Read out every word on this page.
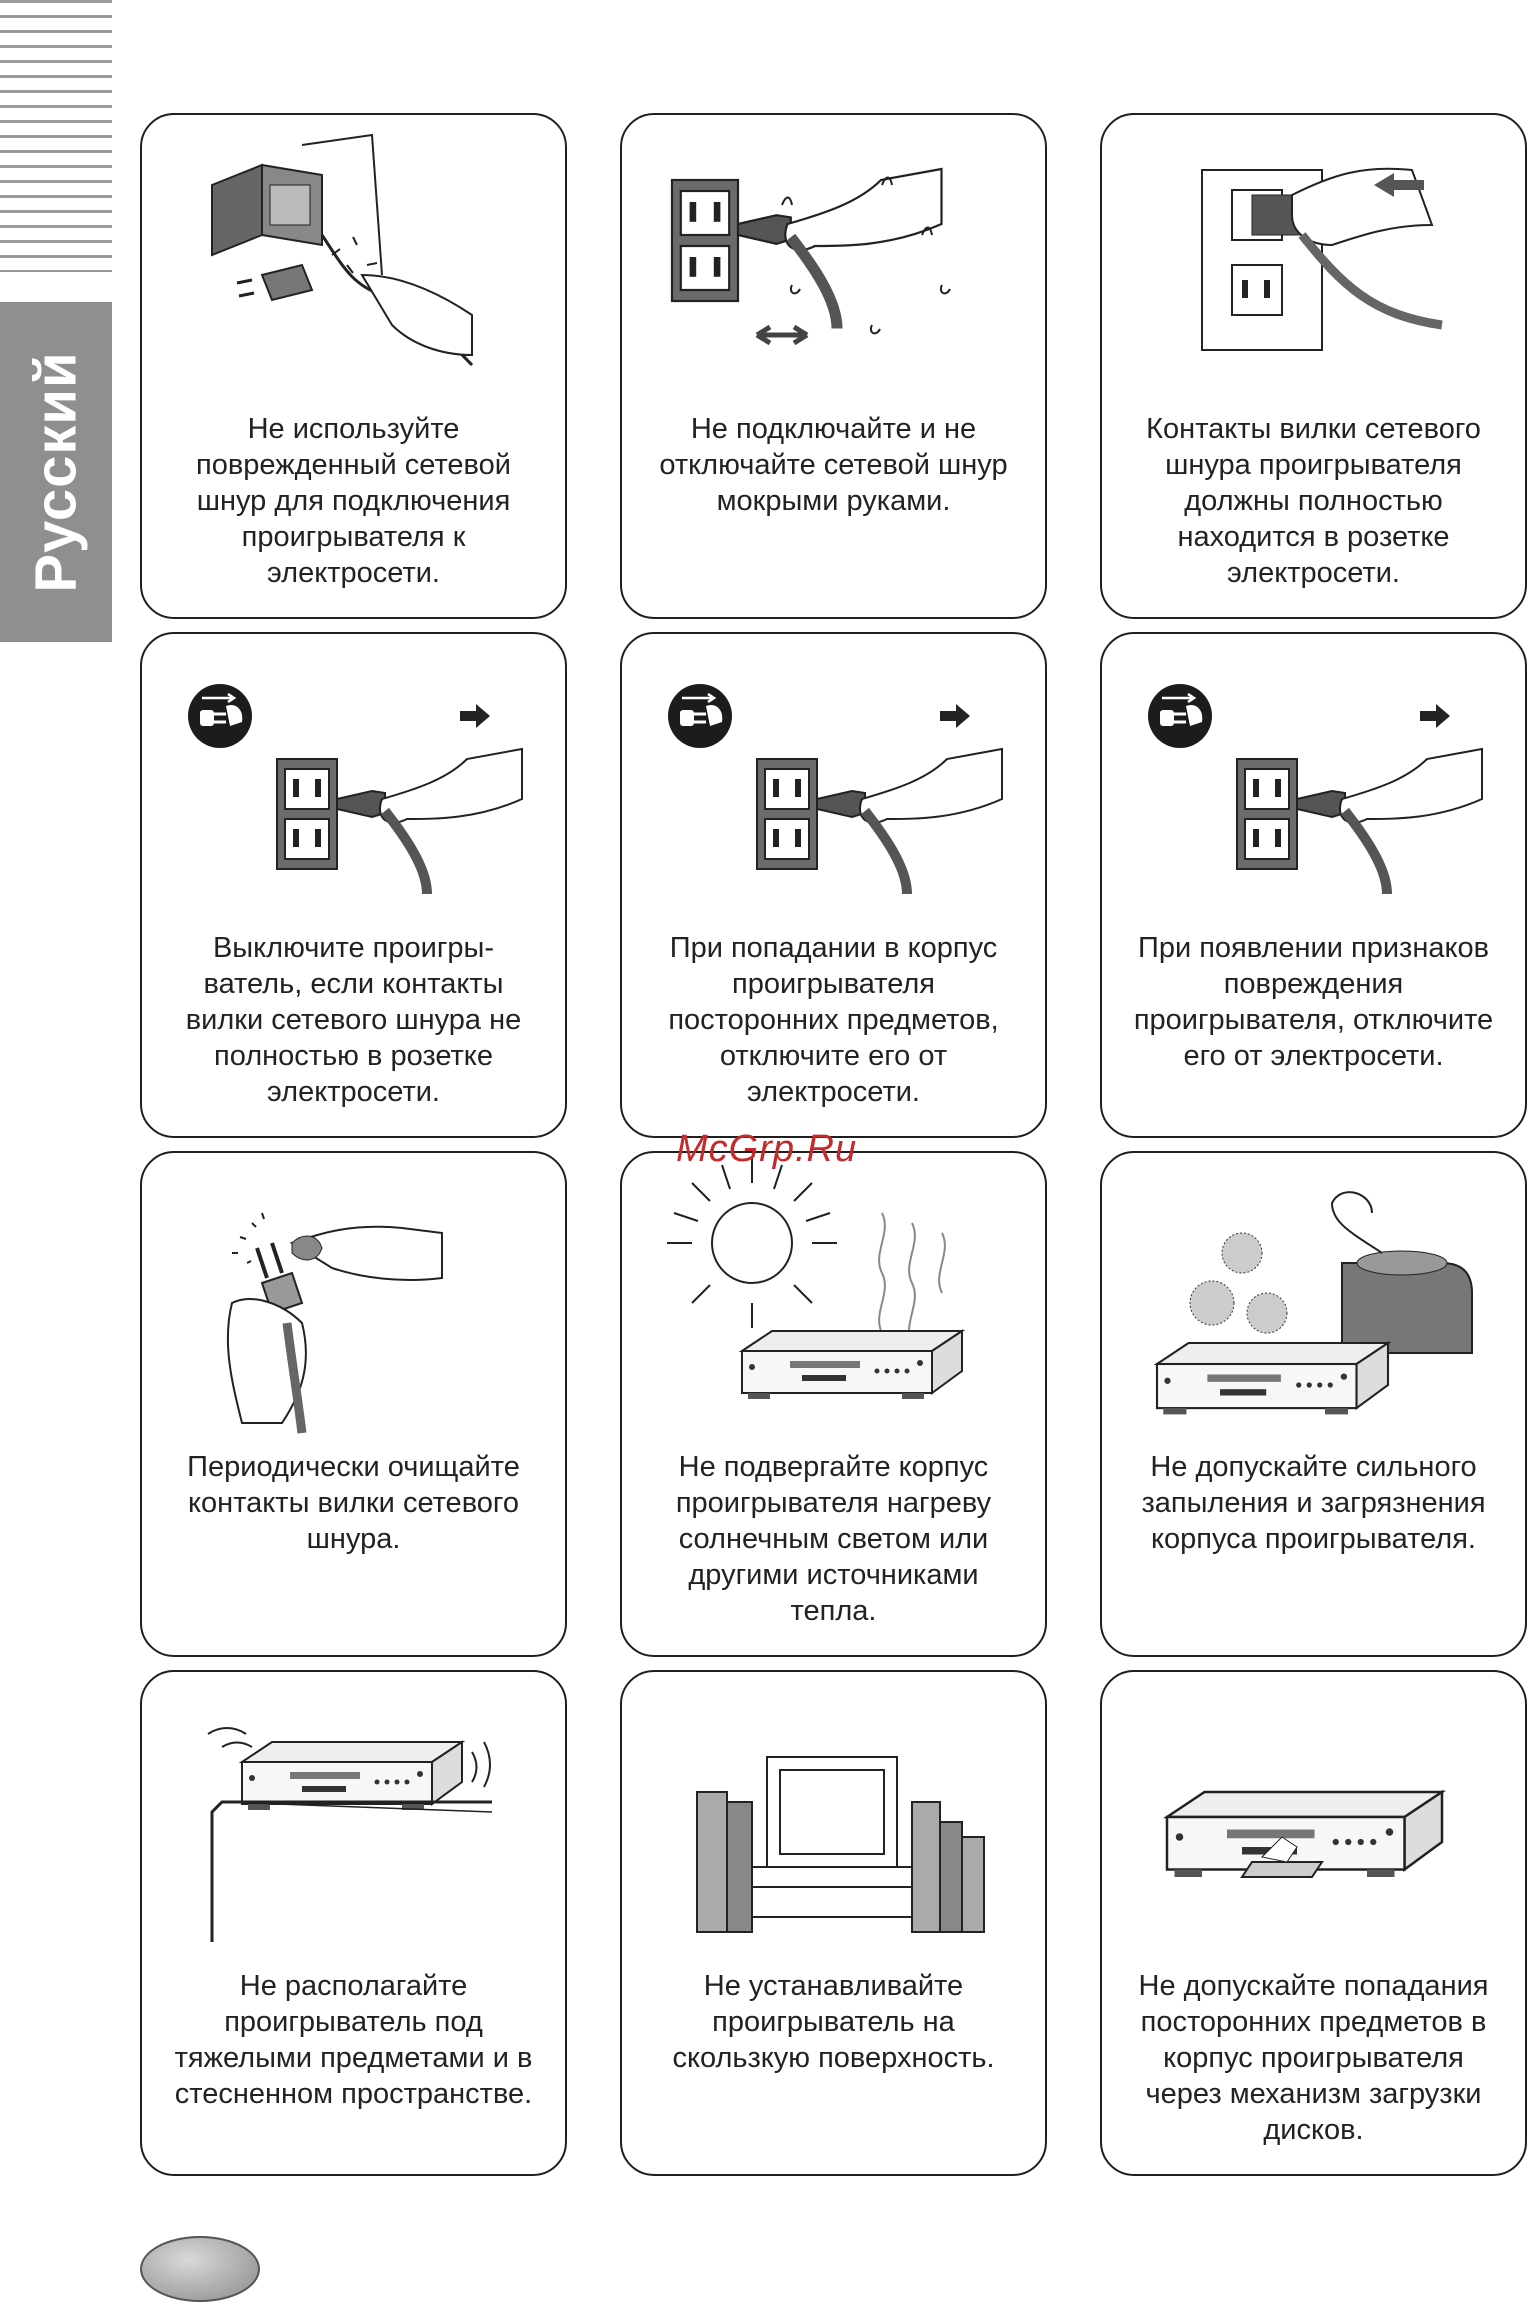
Русский	Не используйте
поврежденный сетевой
шнур для подключения
проигрывателя к
электросети.
Не подключайте и не
отключайте сетевой шнур
мокрыми руками.
Контакты вилки сетевого
шнура проигрывателя
должны полностью
находится в розетке
электросети.
Выключите проигры-
ватель, если контакты
вилки сетевого шнура не
полностью в розетке
электросети.
При попадании в корпус
проигрывателя
посторонних предметов,
отключите его от
электросети.
При появлении признаков
повреждения
проигрывателя, отключите
его от электросети.
Периодически очищайте
контакты вилки сетевого
шнура.
Не подвергайте корпус
проигрывателя нагреву
солнечным светом или
другими источниками
тепла.
Не допускайте сильного
запыления и загрязнения
корпуса проигрывателя.
Не располагайте
проигрыватель под
тяжелыми предметами и в
стесненном пространстве.
Не устанавливайте
проигрыватель на
скользкую поверхность.
Не допускайте попадания
посторонних предметов в
корпус проигрывателя
через механизм загрузки
дисков.
McGrp.Ru
